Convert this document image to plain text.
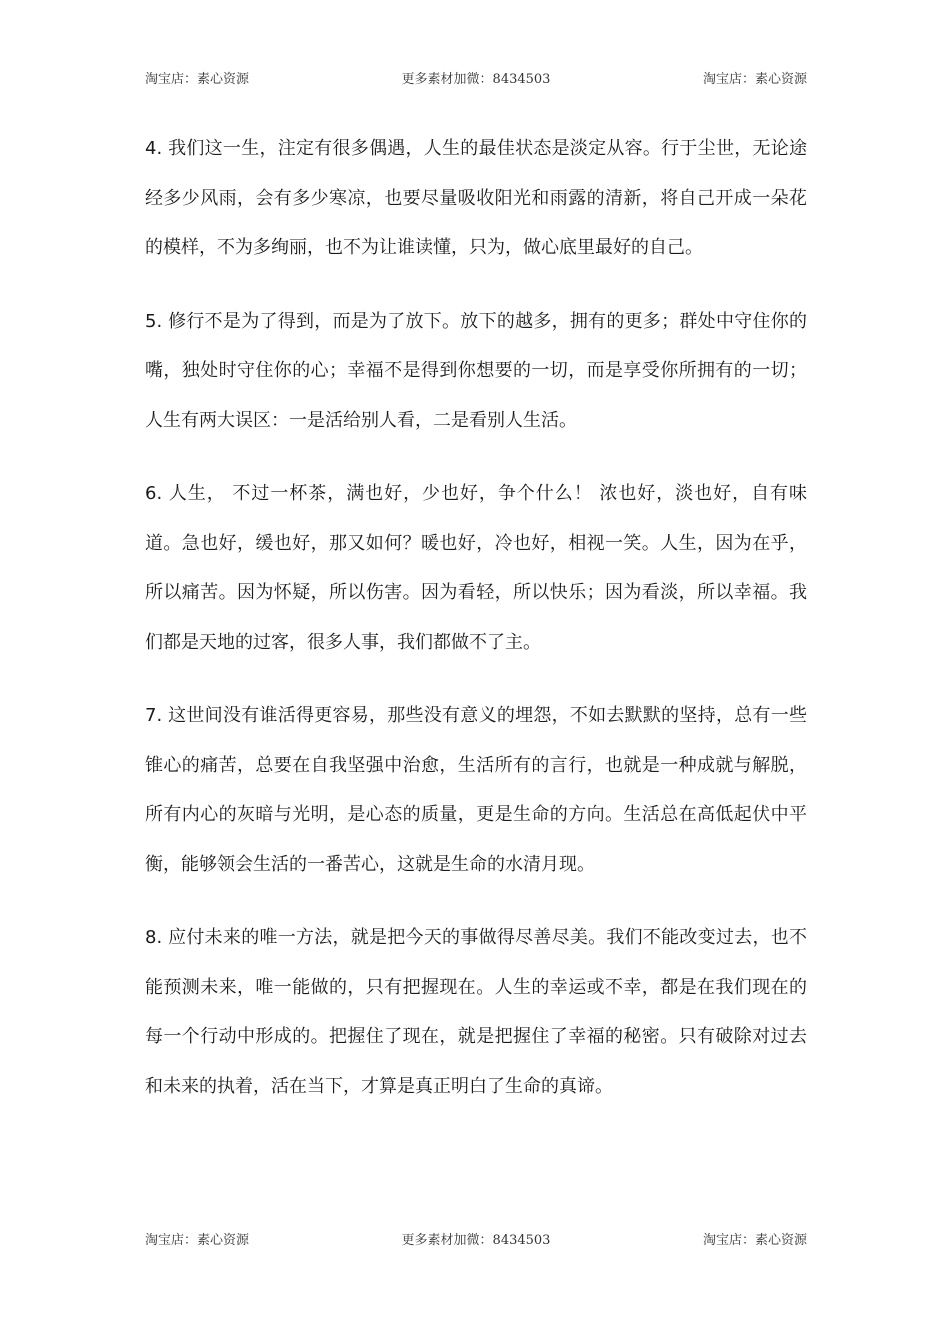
淘宝店：素心资源	更多素材加微：8434503	淘宝店：素心资源

4. 我们这一生，注定有很多偶遇，人生的最佳状态是淡定从容。行于尘世，无论途经多少风雨，会有多少寒凉，也要尽量吸收阳光和雨露的清新，将自己开成一朵花的模样，不为多绚丽，也不为让谁读懂，只为，做心底里最好的自己。

5. 修行不是为了得到，而是为了放下。放下的越多，拥有的更多；群处中守住你的嘴，独处时守住你的心；幸福不是得到你想要的一切，而是享受你所拥有的一切；人生有两大误区：一是活给别人看，二是看别人生活。

6. 人生， 不过一杯茶，满也好，少也好，争个什么！ 浓也好，淡也好，自有味道。急也好，缓也好，那又如何？暖也好，冷也好，相视一笑。人生，因为在乎，所以痛苦。因为怀疑，所以伤害。因为看轻，所以快乐；因为看淡，所以幸福。我们都是天地的过客，很多人事，我们都做不了主。

7. 这世间没有谁活得更容易，那些没有意义的埋怨，不如去默默的坚持，总有一些锥心的痛苦，总要在自我坚强中治愈，生活所有的言行，也就是一种成就与解脱，所有内心的灰暗与光明，是心态的质量，更是生命的方向。生活总在高低起伏中平衡，能够领会生活的一番苦心，这就是生命的水清月现。

8. 应付未来的唯一方法，就是把今天的事做得尽善尽美。我们不能改变过去，也不能预测未来，唯一能做的，只有把握现在。人生的幸运或不幸，都是在我们现在的每一个行动中形成的。把握住了现在，就是把握住了幸福的秘密。只有破除对过去和未来的执着，活在当下，才算是真正明白了生命的真谛。

淘宝店：素心资源	更多素材加微：8434503	淘宝店：素心资源
